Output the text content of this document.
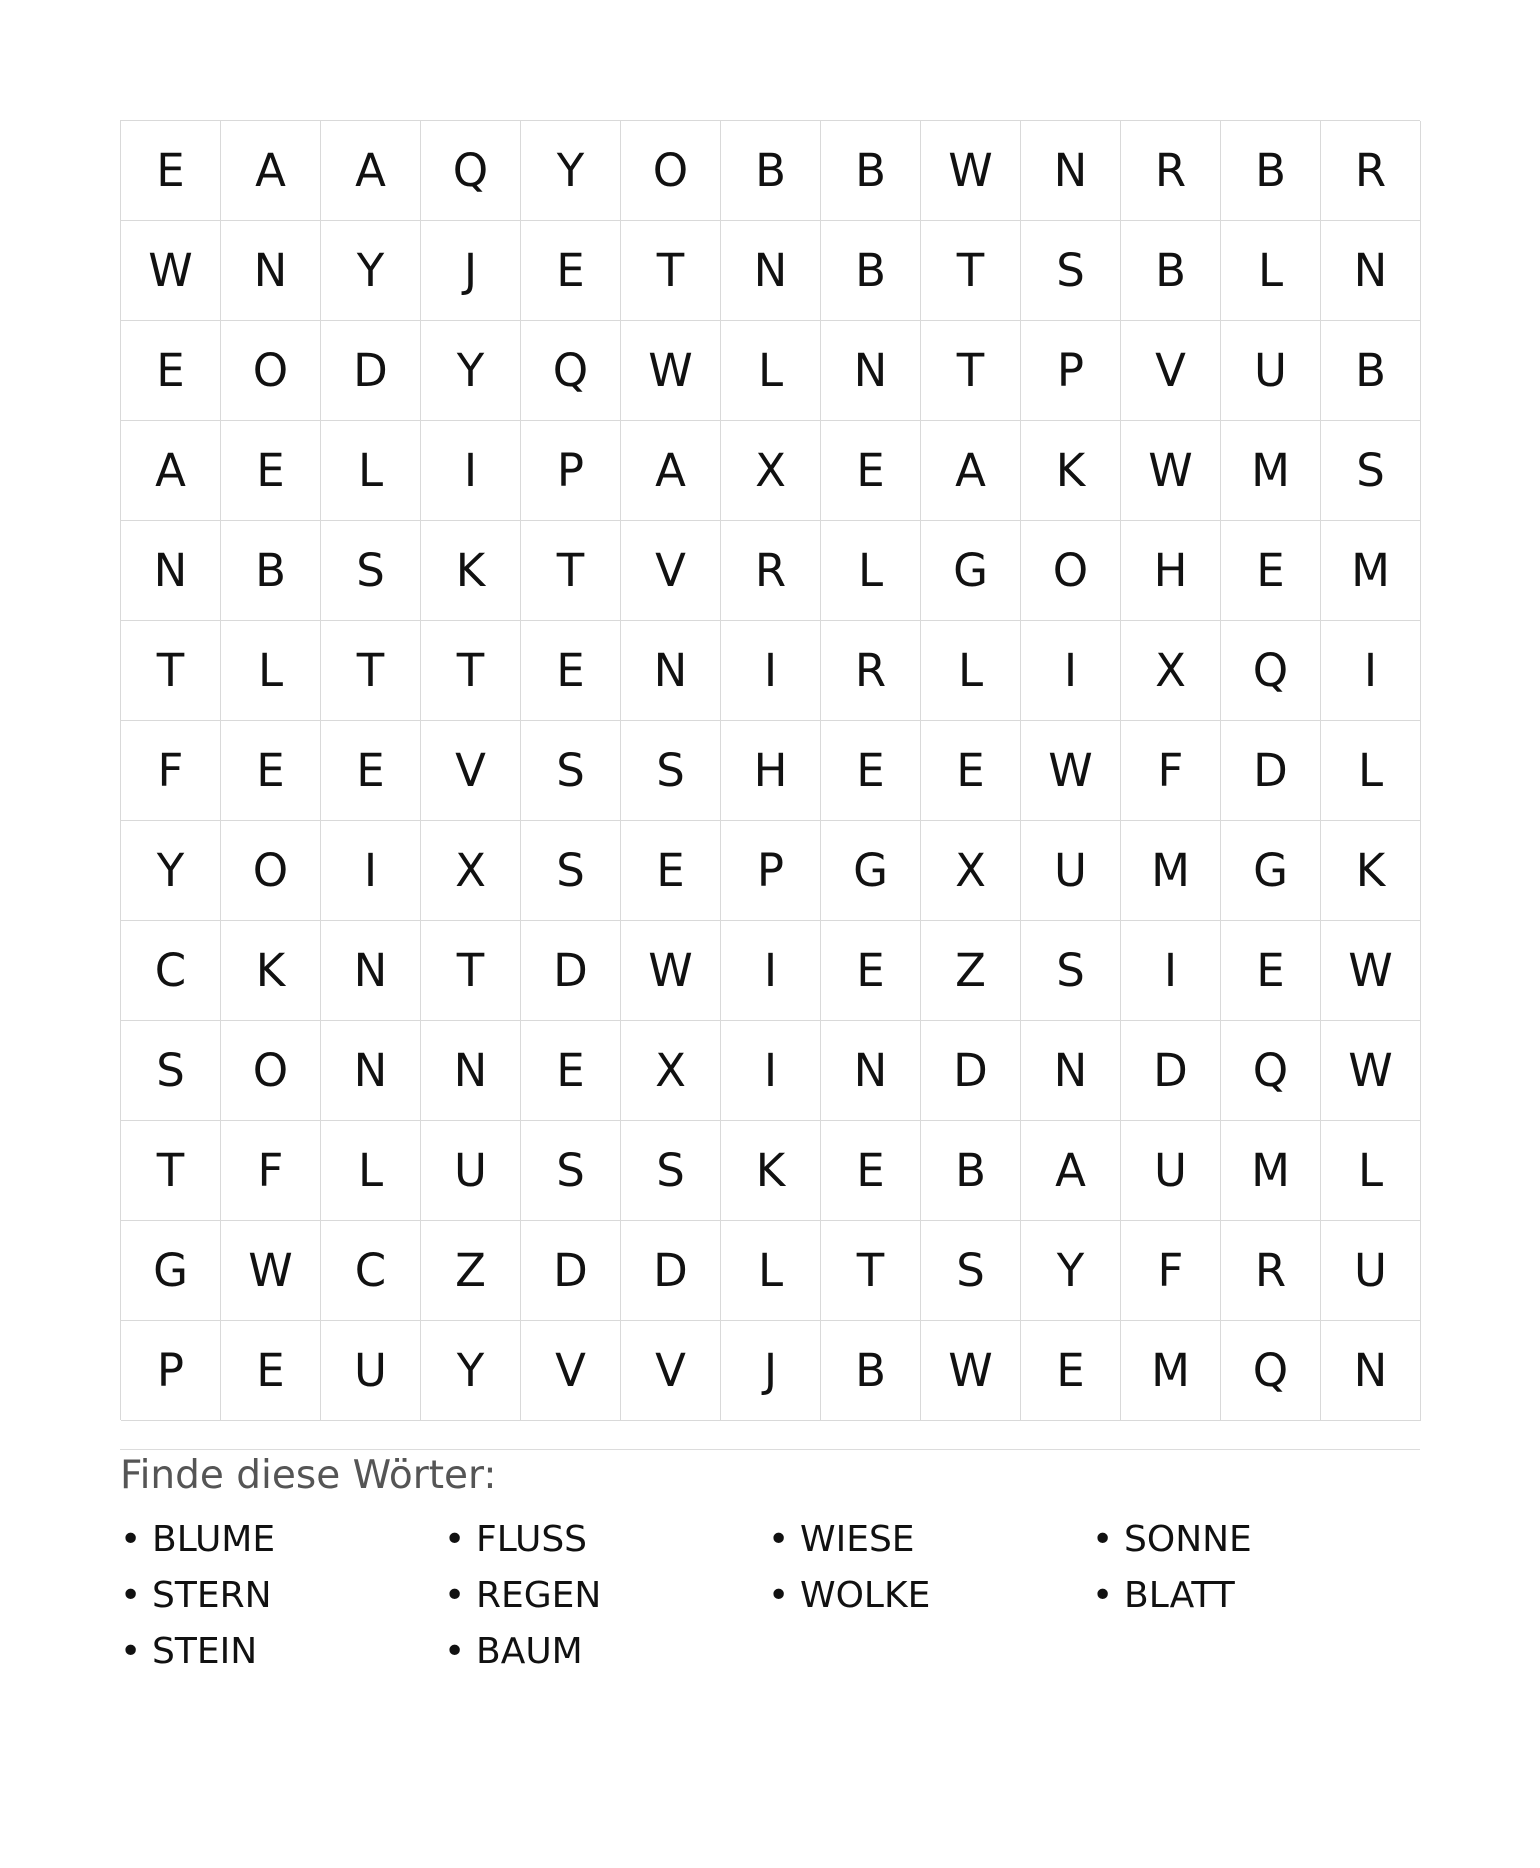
E	A	A	Q	Y	O	B	B	W	N	R	B	R
W	N	Y	J	E	T	N	B	T	S	B	L	N
E	O	D	Y	Q	W	L	N	T	P	V	U	B
A	E	L	I	P	A	X	E	A	K	W	M	S
N	B	S	K	T	V	R	L	G	O	H	E	M
T	L	T	T	E	N	I	R	L	I	X	Q	I
F	E	E	V	S	S	H	E	E	W	F	D	L
Y	O	I	X	S	E	P	G	X	U	M	G	K
C	K	N	T	D	W	I	E	Z	S	I	E	W
S	O	N	N	E	X	I	N	D	N	D	Q	W
T	F	L	U	S	S	K	E	B	A	U	M	L
G	W	C	Z	D	D	L	T	S	Y	F	R	U
P	E	U	Y	V	V	J	B	W	E	M	Q	N
Finde diese Wörter:
• BLUME	• FLUSS	• WIESE	• SONNE
• STERN	• REGEN	• WOLKE	• BLATT
• STEIN	• BAUM
